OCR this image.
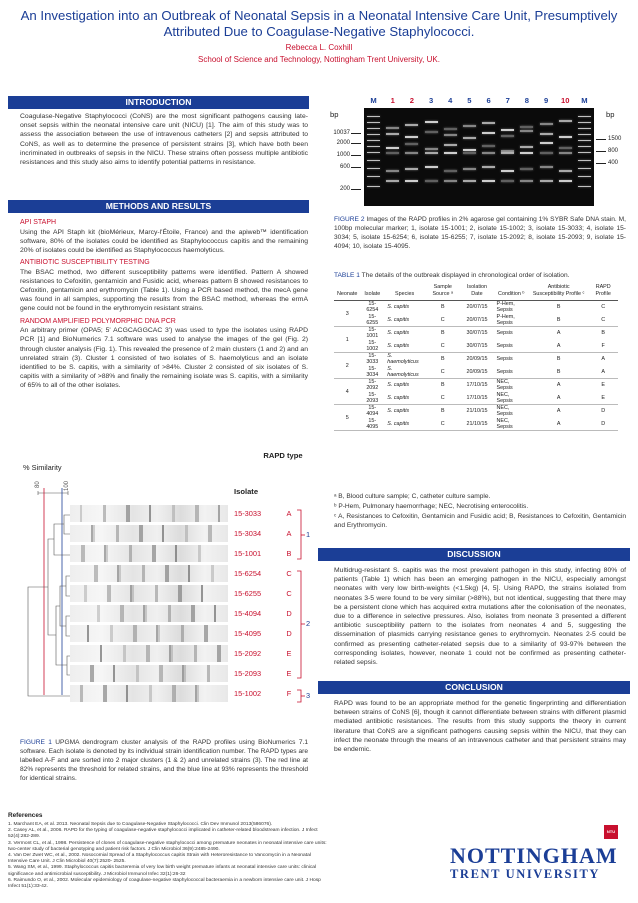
An Investigation into an Outbreak of Neonatal Sepsis in a Neonatal Intensive Care Unit, Presumptively Attributed Due to Coagulase-Negative Staphylococci.
Rebecca L. Coxhill
School of Science and Technology, Nottingham Trent University, UK.
INTRODUCTION
Coagulase-Negative Staphylococci (CoNS) are the most significant pathogens causing late-onset sepsis within the neonatal intensive care unit (NICU) [1]. The aim of this study was to assess the association between the use of intravenous catheters [2] and sepsis attributed to CoNS, as well as to determine the presence of persistent strains [3], which have both been incriminated in outbreaks of sepsis in the NICU. These strains often possess multiple antibiotic resistances and this study also aims to identify potential patterns in resistance.
METHODS AND RESULTS
API STAPH
Using the API Staph kit (bioMérieux, Marcy-l'Étoile, France) and the apiweb™ identification software, 80% of the isolates could be identified as Staphylococcus capitis and the remaining 20% of isolates could be identified as Staphylococcus haemolyticus.
ANTIBIOTIC SUSCEPTIBILITY TESTING
The BSAC method, two different susceptibility patterns were identified. Pattern A showed resistances to Cefoxitin, gentamicin and Fusidic acid, whereas pattern B showed resistances to Cefoxitin, gentamicin and erythromycin (Table 1). Using a PCR based method, the mecA gene was found in all samples, supporting the results from the BSAC method, whereas the ermA gene could not be found in the erythromycin resistant strains.
RANDOM AMPLIFIED POLYMORPHIC DNA PCR
An arbitrary primer (OPA5; 5' ACGCAGGCAC 3') was used to type the isolates using RAPD PCR [1] and BioNumerics 7.1 software was used to analyse the images of the gel (Fig. 2) through cluster analysis (Fig. 1). This revealed the presence of 2 main clusters (1 and 2) and an unrelated strain (3). Cluster 1 consisted of two isolates of S. haemolyticus and an isolate identified to be S. capitis, with a similarity of >84%. Cluster 2 consisted of six isolates of S. capitis with a similarity of >88% and finally the remaining isolate was S. capitis, with a similarity of 65% to all of the other isolates.
% Similarity
80	100
Isolate
RAPD type
15-3033	A
15-3034	A
15-1001	B
15-6254	C
15-6255	C
15-4094	D
15-4095	D
15-2092	E
15-2093	E
15-1002	F
1
2
3
FIGURE 1 UPGMA dendrogram cluster analysis of the RAPD profiles using BioNumerics 7.1 software. Each isolate is denoted by its individual strain identification number. The RAPD types are labelled A-F and are sorted into 2 major clusters (1 & 2) and unrelated strains (3). The red line at 82% represents the threshold for related strains, and the blue line at 93% represents the threshold for identical strains.
bp	bp
M	1	2	3	4	5	6	7	8	9	10	M
10037
2000
1000
600
200
1500
800
400
FIGURE 2 Images of the RAPD profiles in 2% agarose gel containing 1% SYBR Safe DNA stain. M, 100bp molecular marker; 1, isolate 15-1001; 2, isolate 15-1002; 3, isolate 15-3033; 4, isolate 15-3034; 5, isolate 15-6254; 6, isolate 15-6255; 7, isolate 15-2092; 8, isolate 15-2093; 9, isolate 15-4094; 10, isolate 15-4095.
TABLE 1 The details of the outbreak displayed in chronological order of isolation.
Neonate	Isolate	Species	Sample Source ᵃ	Isolation Date	Condition ᵇ	Antibiotic Susceptibility Profile ᶜ	RAPD Profile
3	15-6254	S. capitis	B	20/07/15	P-Hem, Sepsis	B	C
	15-6255	S. capitis	C	20/07/15	P-Hem, Sepsis	B	C
1	15-1001	S. capitis	B	30/07/15	Sepsis	A	B
	15-1002	S. capitis	C	30/07/15	Sepsis	A	F
2	15-3033	S. haemolyticus	B	20/09/15	Sepsis	B	A
	15-3034	S. haemolyticus	C	20/09/15	Sepsis	B	A
4	15-2092	S. capitis	B	17/10/15	NEC, Sepsis	A	E
	15-2093	S. capitis	C	17/10/15	NEC, Sepsis	A	E
5	15-4094	S. capitis	B	21/10/15	NEC, Sepsis	A	D
	15-4095	S. capitis	C	21/10/15	NEC, Sepsis	A	D
ᵃ B, Blood culture sample; C, catheter culture sample.
ᵇ P-Hem, Pulmonary haemorrhage; NEC, Necrotising enterocolitis.
ᶜ A, Resistances to Cefoxitin, Gentamicin and Fusidic acid; B, Resistances to Cefoxitin, Gentamicin and Erythromycin.
DISCUSSION
Multidrug-resistant S. capitis was the most prevalent pathogen in this study, infecting 80% of patients (Table 1) which has been an emerging pathogen in the NICU, especially amongst neonates with very low birth-weights (<1.5kg) [4, 5]. Using RAPD, the strains isolated from neonates 3-5 were found to be very similar (>88%), but not identical, suggesting that there may be a persistent clone which has acquired extra mutations after the colonisation of the neonates, due to a difference in selective pressures. Also, isolates from neonate 3 presented a different antibiotic susceptibility pattern to the isolates from neonates 4 and 5, suggesting the dissemination of plasmids carrying resistance genes to erythromycin. Neonates 2-5 could be confirmed as presenting catheter-related sepsis due to a similarity of 93-97% between the corresponding isolates, however, neonate 1 could not be confirmed as presenting catheter-related sepsis.
CONCLUSION
RAPD was found to be an appropriate method for the genetic fingerprinting and differentiation between strains of CoNS [6], though it cannot differentiate between strains with different plasmid mediated antibiotic resistances. The results from this study supports the theory in current literature that CoNS are a significant pathogens causing sepsis within the NICU, that they can infect the neonate through the means of an intravenous catheter and that persistent strains may be endemic.
References
1. Marchant EA, et al. 2013. Neonatal Sepsis due to Coagulase-Negative Staphylococci. Clin Dev Immunol 2013(586076).
2. Casey AL, et al., 2006. RAPD for the typing of coagulase-negative staphylococci implicated in catheter-related bloodstream infection. J Infect 52(4):282-289.
3. Vermont CL, et al., 1998. Persistence of clones of coagulase-negative staphylococci among premature neonates in neonatal intensive care units: two-center study of bacterial genotyping and patient risk factors. J Clin Microbiol 36(9):2485-2490.
4. Van Der Zwet WC, et al., 2002. Nosocomial Spread of a Staphylococcus capitis Strain with Heteroresistance to Vancomycin in a Neonatal Intensive Care Unit. J Clin Microbiol 40(7):2520- 2525.
5. Wang SM, et al., 1999. Staphylococcus capitis bacteremia of very low birth weight premature infants at neonatal intensive care units: clinical significance and antimicrobial susceptibility. J Microbiol Immunol Infec 32(1):26-32
6. Raimundo O, et al., 2002. Molecular epidemiology of coagulase-negative staphylococcal bacteraemia in a newborn intensive care unit. J Hosp Infect 51(1):33-42.
NOTTINGHAM
TRENT UNIVERSITY
NTU
